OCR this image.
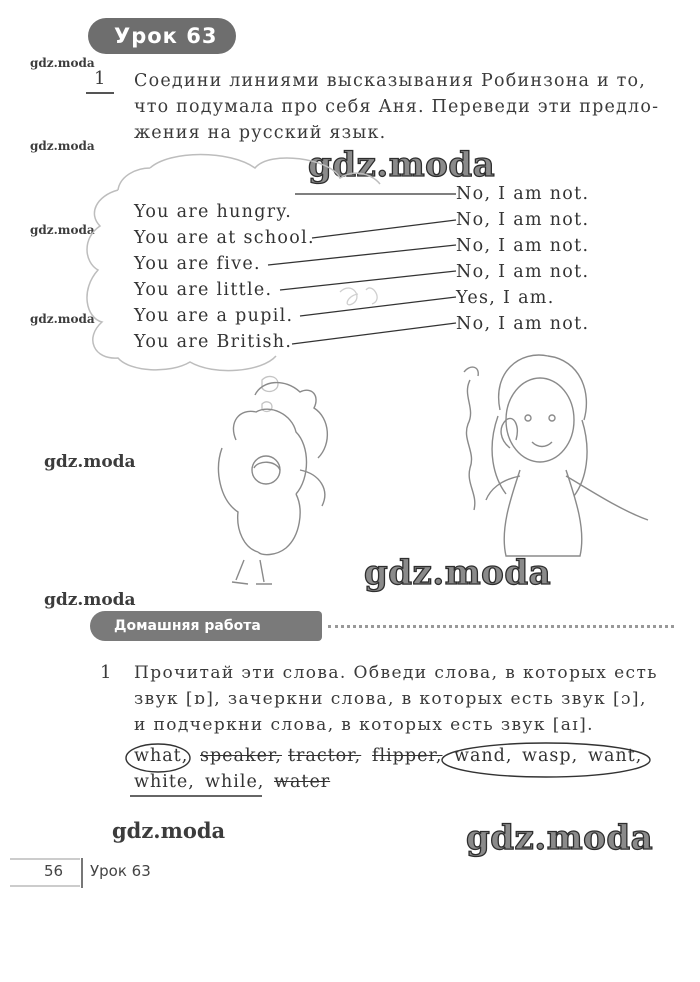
Урок 63
gdz.moda
gdz.moda
gdz.moda
gdz.moda
gdz.moda
gdz.moda
gdz.moda
gdz.moda
gdz.moda
gdz.moda
1 Соедини линиями высказывания Робинзона и то,
что подумала про себя Аня. Переведи эти предло-
жения на русский язык.
You are hungry.
You are at school.
You are five.
You are little.
You are a pupil.
You are British.
No, I am not.
No, I am not.
No, I am not.
No, I am not.
Yes, I am.
No, I am not.
Домашняя работа
1 Прочитай эти слова. Обведи слова, в которых есть
звук [ɒ], зачеркни слова, в которых есть звук [ɔ],
и подчеркни слова, в которых есть звук [aɪ].
what, speaker, tractor, flipper, wand, wasp, want,
white, while, water
56 Урок 63
